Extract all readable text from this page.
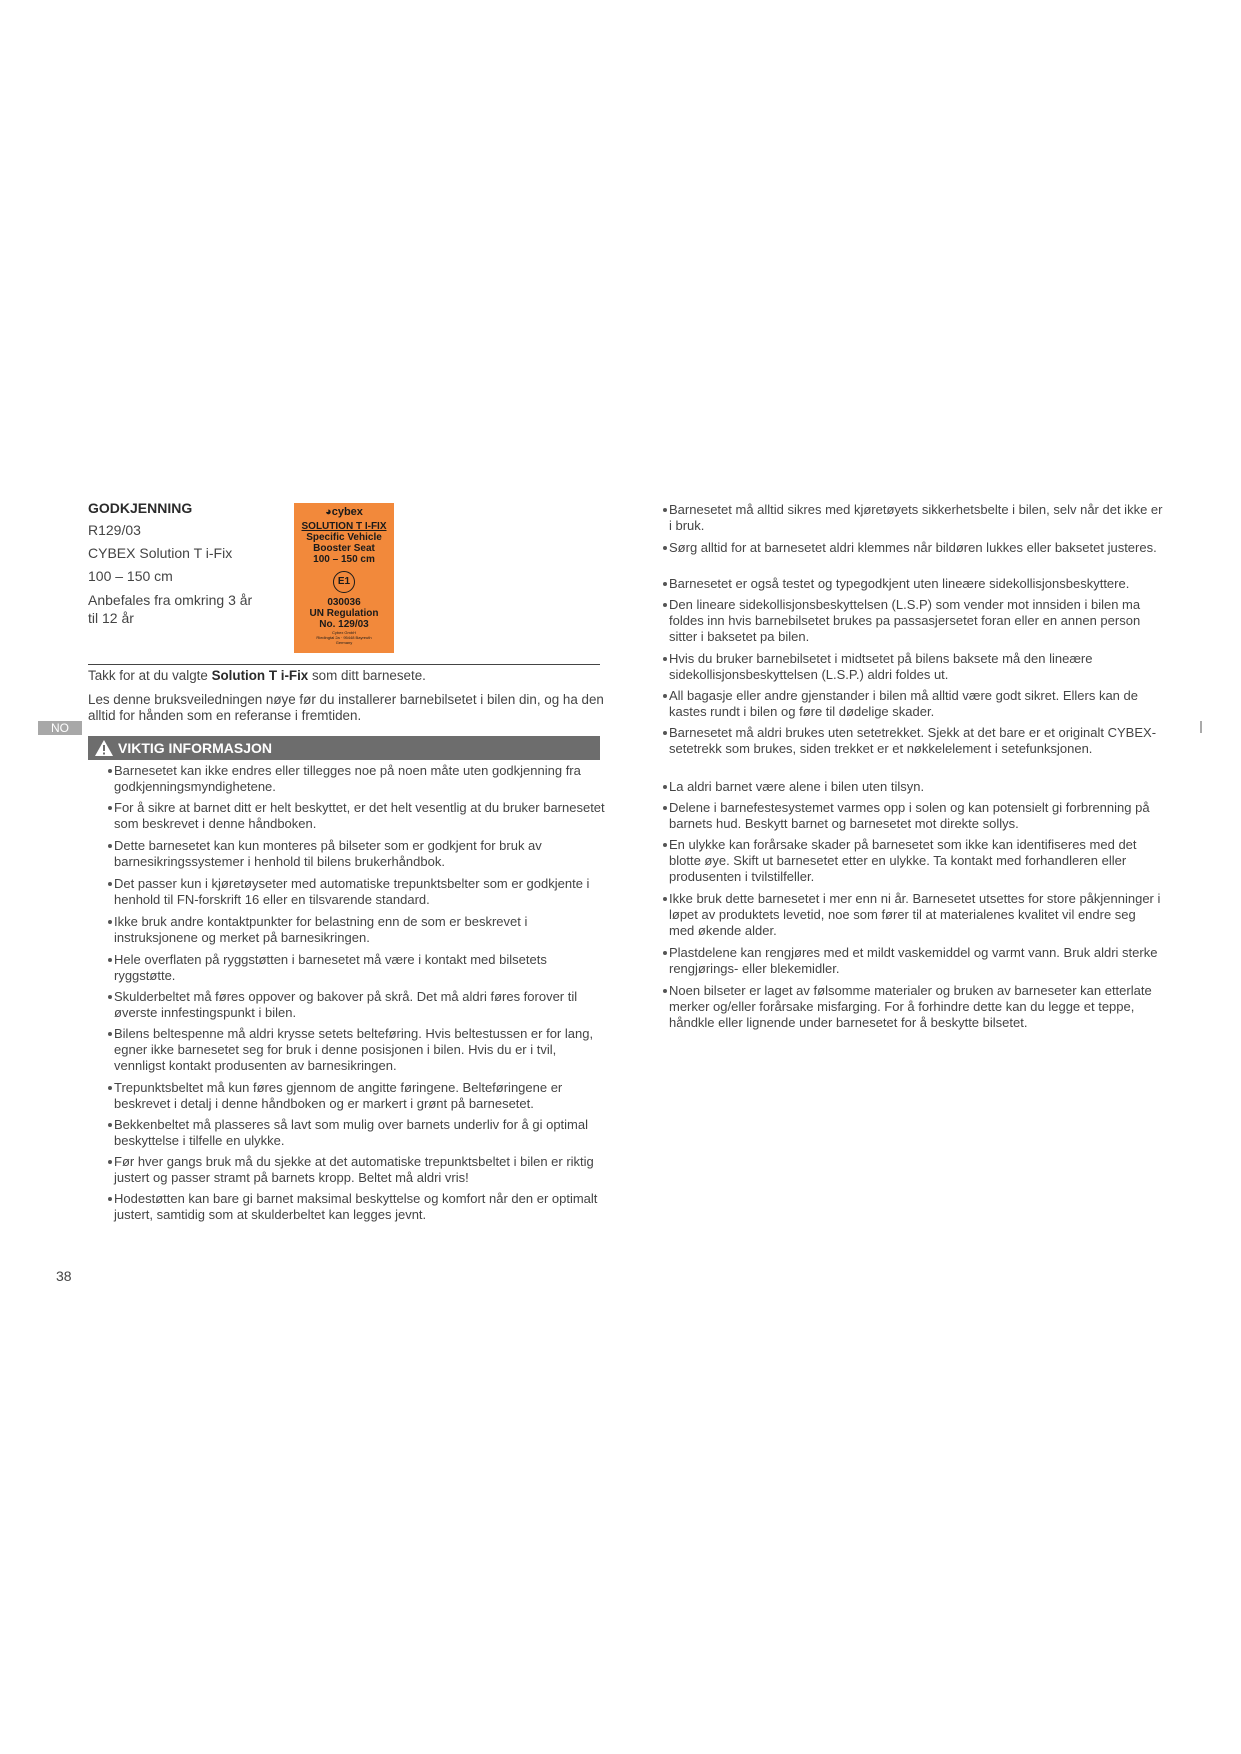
GODKJENNING
R129/03
CYBEX Solution T i-Fix
100 – 150 cm
Anbefales fra omkring 3 år til 12 år
◕cybex
SOLUTION T I-FIX
Specific Vehicle
Booster Seat
100 – 150 cm
E1
030036
UN Regulation
No. 129/03
Cybex GmbH
Riedingtal 2a · 95448 Bayreuth
Germany
Takk for at du valgte Solution T i-Fix som ditt barnesete.
Les denne bruksveiledningen nøye før du installerer barnebilsetet i bilen din, og ha den alltid for hånden som en referanse i fremtiden.
NO
VIKTIG INFORMASJON
Barnesetet kan ikke endres eller tillegges noe på noen måte uten godkjenning fra godkjenningsmyndighetene.
For å sikre at barnet ditt er helt beskyttet, er det helt vesentlig at du bruker barnesetet som beskrevet i denne håndboken.
Dette barnesetet kan kun monteres på bilseter som er godkjent for bruk av barnesikringssystemer i henhold til bilens brukerhåndbok.
Det passer kun i kjøretøyseter med automatiske trepunktsbelter som er godkjente i henhold til FN-forskrift 16 eller en tilsvarende standard.
Ikke bruk andre kontaktpunkter for belastning enn de som er beskrevet i instruksjonene og merket på barnesikringen.
Hele overflaten på ryggstøtten i barnesetet må være i kontakt med bilsetets ryggstøtte.
Skulderbeltet må føres oppover og bakover på skrå. Det må aldri føres forover til øverste innfestingspunkt i bilen.
Bilens beltespenne må aldri krysse setets belteføring. Hvis beltestussen er for lang, egner ikke barnesetet seg for bruk i denne posisjonen i bilen. Hvis du er i tvil, vennligst kontakt produsenten av barnesikringen.
Trepunktsbeltet må kun føres gjennom de angitte føringene. Belteføringene er beskrevet i detalj i denne håndboken og er markert i grønt på barnesetet.
Bekkenbeltet må plasseres så lavt som mulig over barnets underliv for å gi optimal beskyttelse i tilfelle en ulykke.
Før hver gangs bruk må du sjekke at det automatiske trepunktsbeltet i bilen er riktig justert og passer stramt på barnets kropp. Beltet må aldri vris!
Hodestøtten kan bare gi barnet maksimal beskyttelse og komfort når den er optimalt justert, samtidig som at skulderbeltet kan legges jevnt.
Barnesetet må alltid sikres med kjøretøyets sikkerhetsbelte i bilen, selv når det ikke er i bruk.
Sørg alltid for at barnesetet aldri klemmes når bildøren lukkes eller baksetet justeres.
Barnesetet er også testet og typegodkjent uten lineære sidekollisjonsbeskyttere.
Den lineare sidekollisjonsbeskyttelsen (L.S.P) som vender mot innsiden i bilen ma foldes inn hvis barnebilsetet brukes pa passasjersetet foran eller en annen person sitter i baksetet pa bilen.
Hvis du bruker barnebilsetet i midtsetet på bilens baksete må den lineære sidekollisjonsbeskyttelsen (L.S.P.) aldri foldes ut.
All bagasje eller andre gjenstander i bilen må alltid være godt sikret. Ellers kan de kastes rundt i bilen og føre til dødelige skader.
Barnesetet må aldri brukes uten setetrekket. Sjekk at det bare er et originalt CYBEX-setetrekk som brukes, siden trekket er et nøkkelelement i setefunksjonen.
La aldri barnet være alene i bilen uten tilsyn.
Delene i barnefestesystemet varmes opp i solen og kan potensielt gi forbrenning på barnets hud. Beskytt barnet og barnesetet mot direkte sollys.
En ulykke kan forårsake skader på barnesetet som ikke kan identifiseres med det blotte øye. Skift ut barnesetet etter en ulykke. Ta kontakt med forhandleren eller produsenten i tvilstilfeller.
Ikke bruk dette barnesetet i mer enn ni år. Barnesetet utsettes for store påkjenninger i løpet av produktets levetid, noe som fører til at materialenes kvalitet vil endre seg med økende alder.
Plastdelene kan rengjøres med et mildt vaskemiddel og varmt vann. Bruk aldri sterke rengjørings- eller blekemidler.
Noen bilseter er laget av følsomme materialer og bruken av barneseter kan etterlate merker og/eller forårsake misfarging. For å forhindre dette kan du legge et teppe, håndkle eller lignende under barnesetet for å beskytte bilsetet.
38
